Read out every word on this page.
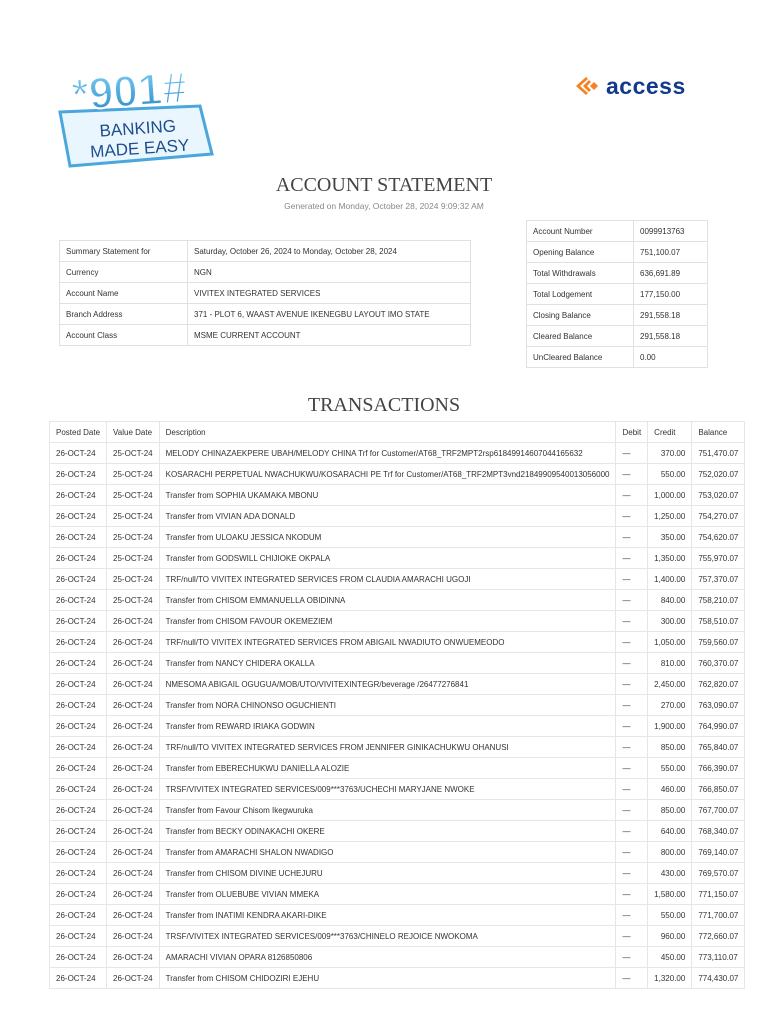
*901#
BANKING
MADE EASY
access
ACCOUNT STATEMENT
Generated on Monday, October 28, 2024 9:09:32 AM
Summary Statement for	Saturday, October 26, 2024 to Monday, October 28, 2024
Currency	NGN
Account Name	VIVITEX INTEGRATED SERVICES
Branch Address	371 - PLOT 6, WAAST AVENUE IKENEGBU LAYOUT IMO STATE
Account Class	MSME CURRENT ACCOUNT
Account Number	0099913763
Opening Balance	751,100.07
Total Withdrawals	636,691.89
Total Lodgement	177,150.00
Closing Balance	291,558.18
Cleared Balance	291,558.18
UnCleared Balance	0.00
TRANSACTIONS
Posted Date	Value Date	Description	Debit	Credit	Balance
26-OCT-24	25-OCT-24	MELODY CHINAZAEKPERE UBAH/MELODY CHINA Trf for Customer/AT68_TRF2MPT2rsp61849914607044165632	—	370.00	751,470.07
26-OCT-24	25-OCT-24	KOSARACHI PERPETUAL NWACHUKWU/KOSARACHI PE Trf for Customer/AT68_TRF2MPT3vnd21849909540013056000	—	550.00	752,020.07
26-OCT-24	25-OCT-24	Transfer from SOPHIA UKAMAKA MBONU	—	1,000.00	753,020.07
26-OCT-24	25-OCT-24	Transfer from VIVIAN ADA DONALD	—	1,250.00	754,270.07
26-OCT-24	25-OCT-24	Transfer from ULOAKU JESSICA NKODUM	—	350.00	754,620.07
26-OCT-24	25-OCT-24	Transfer from GODSWILL CHIJIOKE OKPALA	—	1,350.00	755,970.07
26-OCT-24	25-OCT-24	TRF/null/TO VIVITEX INTEGRATED SERVICES FROM CLAUDIA AMARACHI UGOJI	—	1,400.00	757,370.07
26-OCT-24	25-OCT-24	Transfer from CHISOM EMMANUELLA OBIDINNA	—	840.00	758,210.07
26-OCT-24	26-OCT-24	Transfer from CHISOM FAVOUR OKEMEZIEM	—	300.00	758,510.07
26-OCT-24	26-OCT-24	TRF/null/TO VIVITEX INTEGRATED SERVICES FROM ABIGAIL NWADIUTO ONWUEMEODO	—	1,050.00	759,560.07
26-OCT-24	26-OCT-24	Transfer from NANCY CHIDERA OKALLA	—	810.00	760,370.07
26-OCT-24	26-OCT-24	NMESOMA ABIGAIL OGUGUA/MOB/UTO/VIVITEXINTEGR/beverage /26477276841	—	2,450.00	762,820.07
26-OCT-24	26-OCT-24	Transfer from NORA CHINONSO OGUCHIENTI	—	270.00	763,090.07
26-OCT-24	26-OCT-24	Transfer from REWARD IRIAKA GODWIN	—	1,900.00	764,990.07
26-OCT-24	26-OCT-24	TRF/null/TO VIVITEX INTEGRATED SERVICES FROM JENNIFER GINIKACHUKWU OHANUSI	—	850.00	765,840.07
26-OCT-24	26-OCT-24	Transfer from EBERECHUKWU DANIELLA ALOZIE	—	550.00	766,390.07
26-OCT-24	26-OCT-24	TRSF/VIVITEX INTEGRATED SERVICES/009***3763/UCHECHI MARYJANE NWOKE	—	460.00	766,850.07
26-OCT-24	26-OCT-24	Transfer from Favour Chisom Ikegwuruka	—	850.00	767,700.07
26-OCT-24	26-OCT-24	Transfer from BECKY ODINAKACHI OKERE	—	640.00	768,340.07
26-OCT-24	26-OCT-24	Transfer from AMARACHI SHALON NWADIGO	—	800.00	769,140.07
26-OCT-24	26-OCT-24	Transfer from CHISOM DIVINE UCHEJURU	—	430.00	769,570.07
26-OCT-24	26-OCT-24	Transfer from OLUEBUBE VIVIAN MMEKA	—	1,580.00	771,150.07
26-OCT-24	26-OCT-24	Transfer from INATIMI KENDRA AKARI-DIKE	—	550.00	771,700.07
26-OCT-24	26-OCT-24	TRSF/VIVITEX INTEGRATED SERVICES/009***3763/CHINELO REJOICE NWOKOMA	—	960.00	772,660.07
26-OCT-24	26-OCT-24	AMARACHI VIVIAN OPARA 8126850806	—	450.00	773,110.07
26-OCT-24	26-OCT-24	Transfer from CHISOM CHIDOZIRI EJEHU	—	1,320.00	774,430.07
